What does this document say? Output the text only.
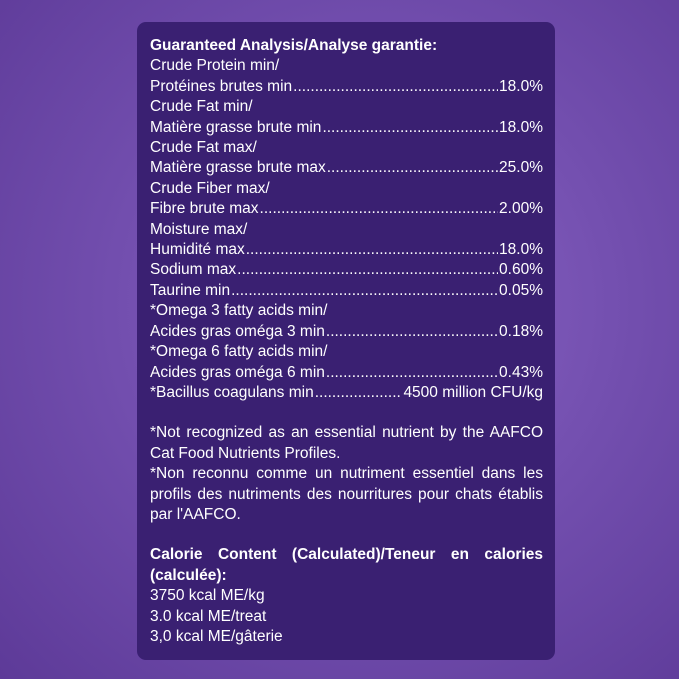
Guaranteed Analysis/Analyse garantie:
Crude Protein min/
Protéines brutes min .....	18.0%
Crude Fat min/
Matière grasse brute min .....	18.0%
Crude Fat max/
Matière grasse brute max .....	25.0%
Crude Fiber max/
Fibre brute max .....	2.00%
Moisture max/
Humidité max .....	18.0%
Sodium max .....	0.60%
Taurine min .....	0.05%
*Omega 3 fatty acids min/
Acides gras oméga 3 min .....	0.18%
*Omega 6 fatty acids min/
Acides gras oméga 6 min .....	0.43%
*Bacillus coagulans min .....	4500 million CFU/kg
*Not recognized as an essential nutrient by the AAFCO Cat Food Nutrients Profiles.
*Non reconnu comme un nutriment essentiel dans les profils des nutriments des nourritures pour chats établis par l'AAFCO.
Calorie Content (Calculated)/Teneur en calories (calculée):
3750 kcal ME/kg
3.0 kcal ME/treat
3,0 kcal ME/gâterie
